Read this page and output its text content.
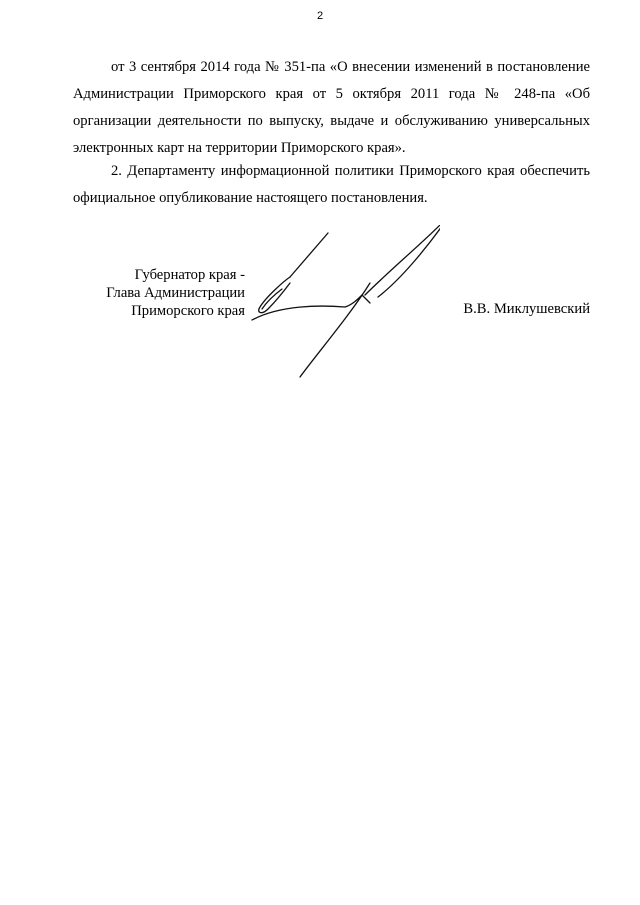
2

от 3 сентября 2014 года № 351-па «О внесении изменений в постановление Администрации Приморского края от 5 октября 2011 года № 248-па «Об организации деятельности по выпуску, выдаче и обслуживанию универсальных электронных карт на территории Приморского края».

2. Департаменту информационной политики Приморского края обеспечить официальное опубликование настоящего постановления.

Губернатор края -
Глава Администрации
Приморского края	В.В. Миклушевский
